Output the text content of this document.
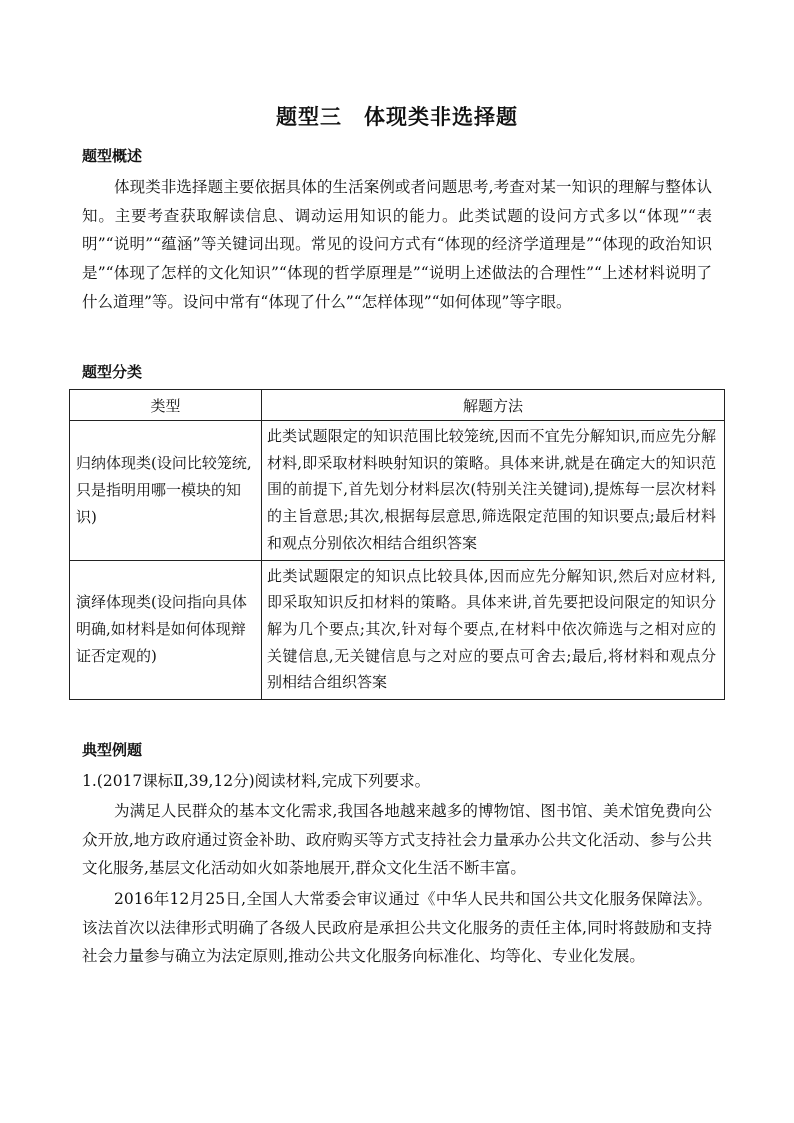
题型三　体现类非选择题
题型概述

体现类非选择题主要依据具体的生活案例或者问题思考,考查对某一知识的理解与整体认知。主要考查获取解读信息、调动运用知识的能力。此类试题的设问方式多以“体现”“表明”“说明”“蕴涵”等关键词出现。常见的设问方式有“体现的经济学道理是”“体现的政治知识是”“体现了怎样的文化知识”“体现的哲学原理是”“说明上述做法的合理性”“上述材料说明了什么道理”等。设问中常有“体现了什么”“怎样体现”“如何体现”等字眼。

题型分类
类型	解题方法
归纳体现类(设问比较笼统,只是指明用哪一模块的知识)	此类试题限定的知识范围比较笼统,因而不宜先分解知识,而应先分解材料,即采取材料映射知识的策略。具体来讲,就是在确定大的知识范围的前提下,首先划分材料层次(特别关注关键词),提炼每一层次材料的主旨意思;其次,根据每层意思,筛选限定范围的知识要点;最后材料和观点分别依次相结合组织答案
演绎体现类(设问指向具体明确,如材料是如何体现辩证否定观的)	此类试题限定的知识点比较具体,因而应先分解知识,然后对应材料,即采取知识反扣材料的策略。具体来讲,首先要把设问限定的知识分解为几个要点;其次,针对每个要点,在材料中依次筛选与之相对应的关键信息,无关键信息与之对应的要点可舍去;最后,将材料和观点分别相结合组织答案
典型例题

1.(2017课标Ⅱ,39,12分)阅读材料,完成下列要求。

为满足人民群众的基本文化需求,我国各地越来越多的博物馆、图书馆、美术馆免费向公众开放,地方政府通过资金补助、政府购买等方式支持社会力量承办公共文化活动、参与公共文化服务,基层文化活动如火如荼地展开,群众文化生活不断丰富。

2016年12月25日,全国人大常委会审议通过《中华人民共和国公共文化服务保障法》。该法首次以法律形式明确了各级人民政府是承担公共文化服务的责任主体,同时将鼓励和支持社会力量参与确立为法定原则,推动公共文化服务向标准化、均等化、专业化发展。
